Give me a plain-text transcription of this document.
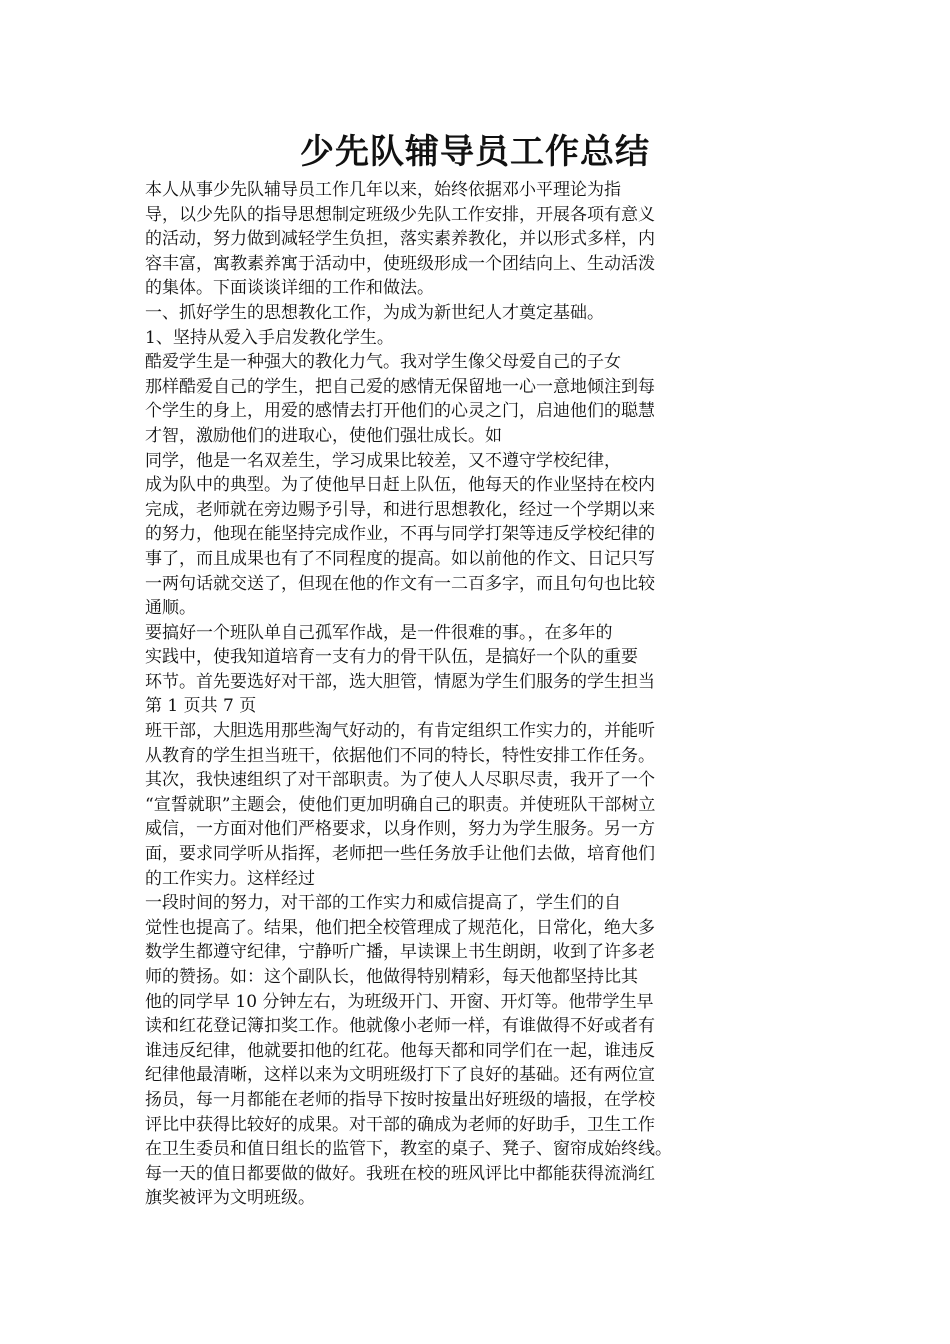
少先队辅导员工作总结
本人从事少先队辅导员工作几年以来，始终依据邓小平理论为指
导，以少先队的指导思想制定班级少先队工作安排，开展各项有意义
的活动，努力做到减轻学生负担，落实素养教化，并以形式多样，内
容丰富，寓教素养寓于活动中，使班级形成一个团结向上、生动活泼
的集体。下面谈谈详细的工作和做法。
一、抓好学生的思想教化工作，为成为新世纪人才奠定基础。
1、坚持从爱入手启发教化学生。
酷爱学生是一种强大的教化力气。我对学生像父母爱自己的子女
那样酷爱自己的学生，把自己爱的感情无保留地一心一意地倾注到每
个学生的身上，用爱的感情去打开他们的心灵之门，启迪他们的聪慧
才智，激励他们的进取心，使他们强壮成长。如
同学，他是一名双差生，学习成果比较差，又不遵守学校纪律，
成为队中的典型。为了使他早日赶上队伍，他每天的作业坚持在校内
完成，老师就在旁边赐予引导，和进行思想教化，经过一个学期以来
的努力，他现在能坚持完成作业，不再与同学打架等违反学校纪律的
事了，而且成果也有了不同程度的提高。如以前他的作文、日记只写
一两句话就交送了，但现在他的作文有一二百多字，而且句句也比较
通顺。
要搞好一个班队单自己孤军作战，是一件很难的事。，在多年的
实践中，使我知道培育一支有力的骨干队伍，是搞好一个队的重要
环节。首先要选好对干部，选大胆管，情愿为学生们服务的学生担当
第 1 页共 7 页
班干部，大胆选用那些淘气好动的，有肯定组织工作实力的，并能听
从教育的学生担当班干，依据他们不同的特长，特性安排工作任务。
其次，我快速组织了对干部职责。为了使人人尽职尽责，我开了一个
“宣誓就职”主题会，使他们更加明确自己的职责。并使班队干部树立
威信，一方面对他们严格要求，以身作则，努力为学生服务。另一方
面，要求同学听从指挥，老师把一些任务放手让他们去做，培育他们
的工作实力。这样经过
一段时间的努力，对干部的工作实力和威信提高了，学生们的自
觉性也提高了。结果，他们把全校管理成了规范化，日常化，绝大多
数学生都遵守纪律，宁静听广播，早读课上书生朗朗，收到了许多老
师的赞扬。如：这个副队长，他做得特别精彩，每天他都坚持比其
他的同学早 10 分钟左右，为班级开门、开窗、开灯等。他带学生早
读和红花登记簿扣奖工作。他就像小老师一样，有谁做得不好或者有
谁违反纪律，他就要扣他的红花。他每天都和同学们在一起，谁违反
纪律他最清晰，这样以来为文明班级打下了良好的基础。还有两位宣
扬员，每一月都能在老师的指导下按时按量出好班级的墙报，在学校
评比中获得比较好的成果。对干部的确成为老师的好助手，卫生工作
在卫生委员和值日组长的监管下，教室的桌子、凳子、窗帘成始终线。
每一天的值日都要做的做好。我班在校的班风评比中都能获得流淌红
旗奖被评为文明班级。
